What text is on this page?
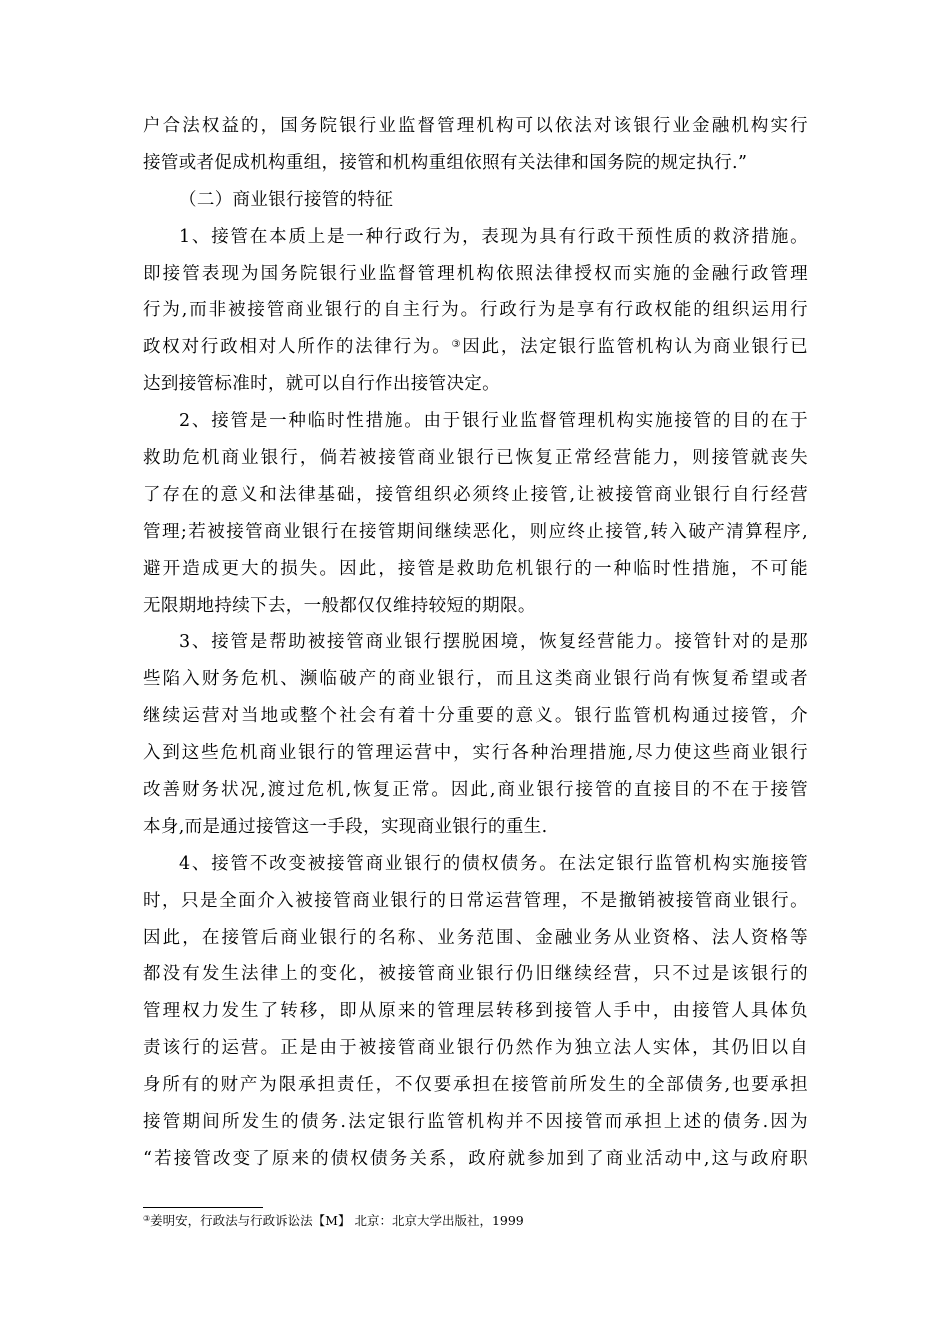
户合法权益的，国务院银行业监督管理机构可以依法对该银行业金融机构实行
接管或者促成机构重组，接管和机构重组依照有关法律和国务院的规定执行.”
（二）商业银行接管的特征
1、接管在本质上是一种行政行为，表现为具有行政干预性质的救济措施。
即接管表现为国务院银行业监督管理机构依照法律授权而实施的金融行政管理
行为,而非被接管商业银行的自主行为。行政行为是享有行政权能的组织运用行
政权对行政相对人所作的法律行为。③因此，法定银行监管机构认为商业银行已
达到接管标准时，就可以自行作出接管决定。
2、接管是一种临时性措施。由于银行业监督管理机构实施接管的目的在于
救助危机商业银行，倘若被接管商业银行已恢复正常经营能力，则接管就丧失
了存在的意义和法律基础，接管组织必须终止接管,让被接管商业银行自行经营
管理;若被接管商业银行在接管期间继续恶化，则应终止接管,转入破产清算程序,
避开造成更大的损失。因此，接管是救助危机银行的一种临时性措施，不可能
无限期地持续下去，一般都仅仅维持较短的期限。
3、接管是帮助被接管商业银行摆脱困境，恢复经营能力。接管针对的是那
些陷入财务危机、濒临破产的商业银行，而且这类商业银行尚有恢复希望或者
继续运营对当地或整个社会有着十分重要的意义。银行监管机构通过接管，介
入到这些危机商业银行的管理运营中，实行各种治理措施,尽力使这些商业银行
改善财务状况,渡过危机,恢复正常。因此,商业银行接管的直接目的不在于接管
本身,而是通过接管这一手段，实现商业银行的重生.
4、接管不改变被接管商业银行的债权债务。在法定银行监管机构实施接管
时，只是全面介入被接管商业银行的日常运营管理，不是撤销被接管商业银行。
因此，在接管后商业银行的名称、业务范围、金融业务从业资格、法人资格等
都没有发生法律上的变化，被接管商业银行仍旧继续经营，只不过是该银行的
管理权力发生了转移，即从原来的管理层转移到接管人手中，由接管人具体负
责该行的运营。正是由于被接管商业银行仍然作为独立法人实体，其仍旧以自
身所有的财产为限承担责任，不仅要承担在接管前所发生的全部债务,也要承担
接管期间所发生的债务.法定银行监管机构并不因接管而承担上述的债务.因为
“若接管改变了原来的债权债务关系，政府就参加到了商业活动中,这与政府职
③姜明安，行政法与行政诉讼法【M】 北京：北京大学出版社，1999
